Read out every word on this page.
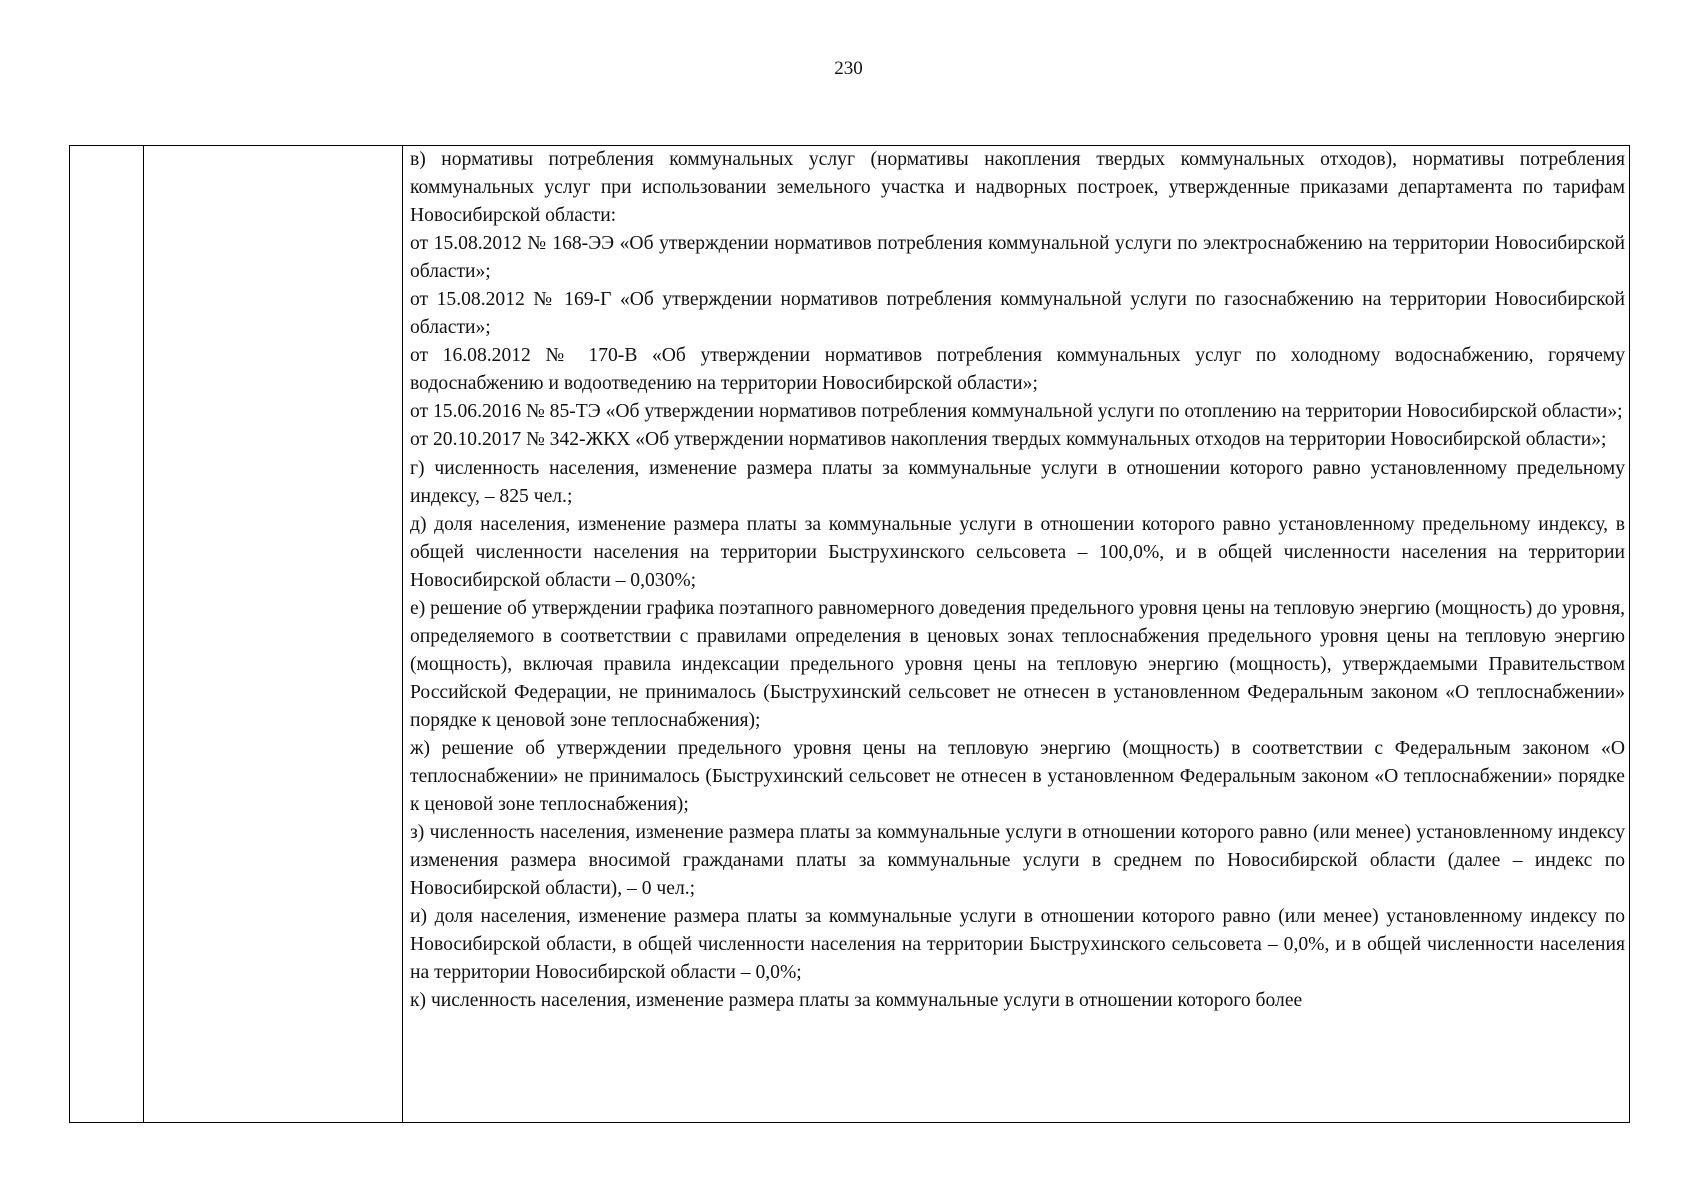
230

в) нормативы потребления коммунальных услуг (нормативы накопления твердых коммунальных отходов), нормативы потребления коммунальных услуг при использовании земельного участка и надворных построек, утвержденные приказами департамента по тарифам Новосибирской области:

от 15.08.2012 № 168-ЭЭ «Об утверждении нормативов потребления коммунальной услуги по электроснабжению на территории Новосибирской области»;

от 15.08.2012 № 169-Г «Об утверждении нормативов потребления коммунальной услуги по газоснабжению на территории Новосибирской области»;

от 16.08.2012 № 170-В «Об утверждении нормативов потребления коммунальных услуг по холодному водоснабжению, горячему водоснабжению и водоотведению на территории Новосибирской области»;

от 15.06.2016 № 85-ТЭ «Об утверждении нормативов потребления коммунальной услуги по отоплению на территории Новосибирской области»;

от 20.10.2017 № 342-ЖКХ «Об утверждении нормативов накопления твердых коммунальных отходов на территории Новосибирской области»;

г) численность населения, изменение размера платы за коммунальные услуги в отношении которого равно установленному предельному индексу, – 825 чел.;

д) доля населения, изменение размера платы за коммунальные услуги в отношении которого равно установленному предельному индексу, в общей численности населения на территории Быструхинского сельсовета – 100,0%, и в общей численности населения на территории Новосибирской области – 0,030%;

е) решение об утверждении графика поэтапного равномерного доведения предельного уровня цены на тепловую энергию (мощность) до уровня, определяемого в соответствии с правилами определения в ценовых зонах теплоснабжения предельного уровня цены на тепловую энергию (мощность), включая правила индексации предельного уровня цены на тепловую энергию (мощность), утверждаемыми Правительством Российской Федерации, не принималось (Быструхинский сельсовет не отнесен в установленном Федеральным законом «О теплоснабжении» порядке к ценовой зоне теплоснабжения);

ж) решение об утверждении предельного уровня цены на тепловую энергию (мощность) в соответствии с Федеральным законом «О теплоснабжении» не принималось (Быструхинский сельсовет не отнесен в установленном Федеральным законом «О теплоснабжении» порядке к ценовой зоне теплоснабжения);

з) численность населения, изменение размера платы за коммунальные услуги в отношении которого равно (или менее) установленному индексу изменения размера вносимой гражданами платы за коммунальные услуги в среднем по Новосибирской области (далее – индекс по Новосибирской области), – 0 чел.;

и) доля населения, изменение размера платы за коммунальные услуги в отношении которого равно (или менее) установленному индексу по Новосибирской области, в общей численности населения на территории Быструхинского сельсовета – 0,0%, и в общей численности населения на территории Новосибирской области – 0,0%;

к) численность населения, изменение размера платы за коммунальные услуги в отношении которого более
